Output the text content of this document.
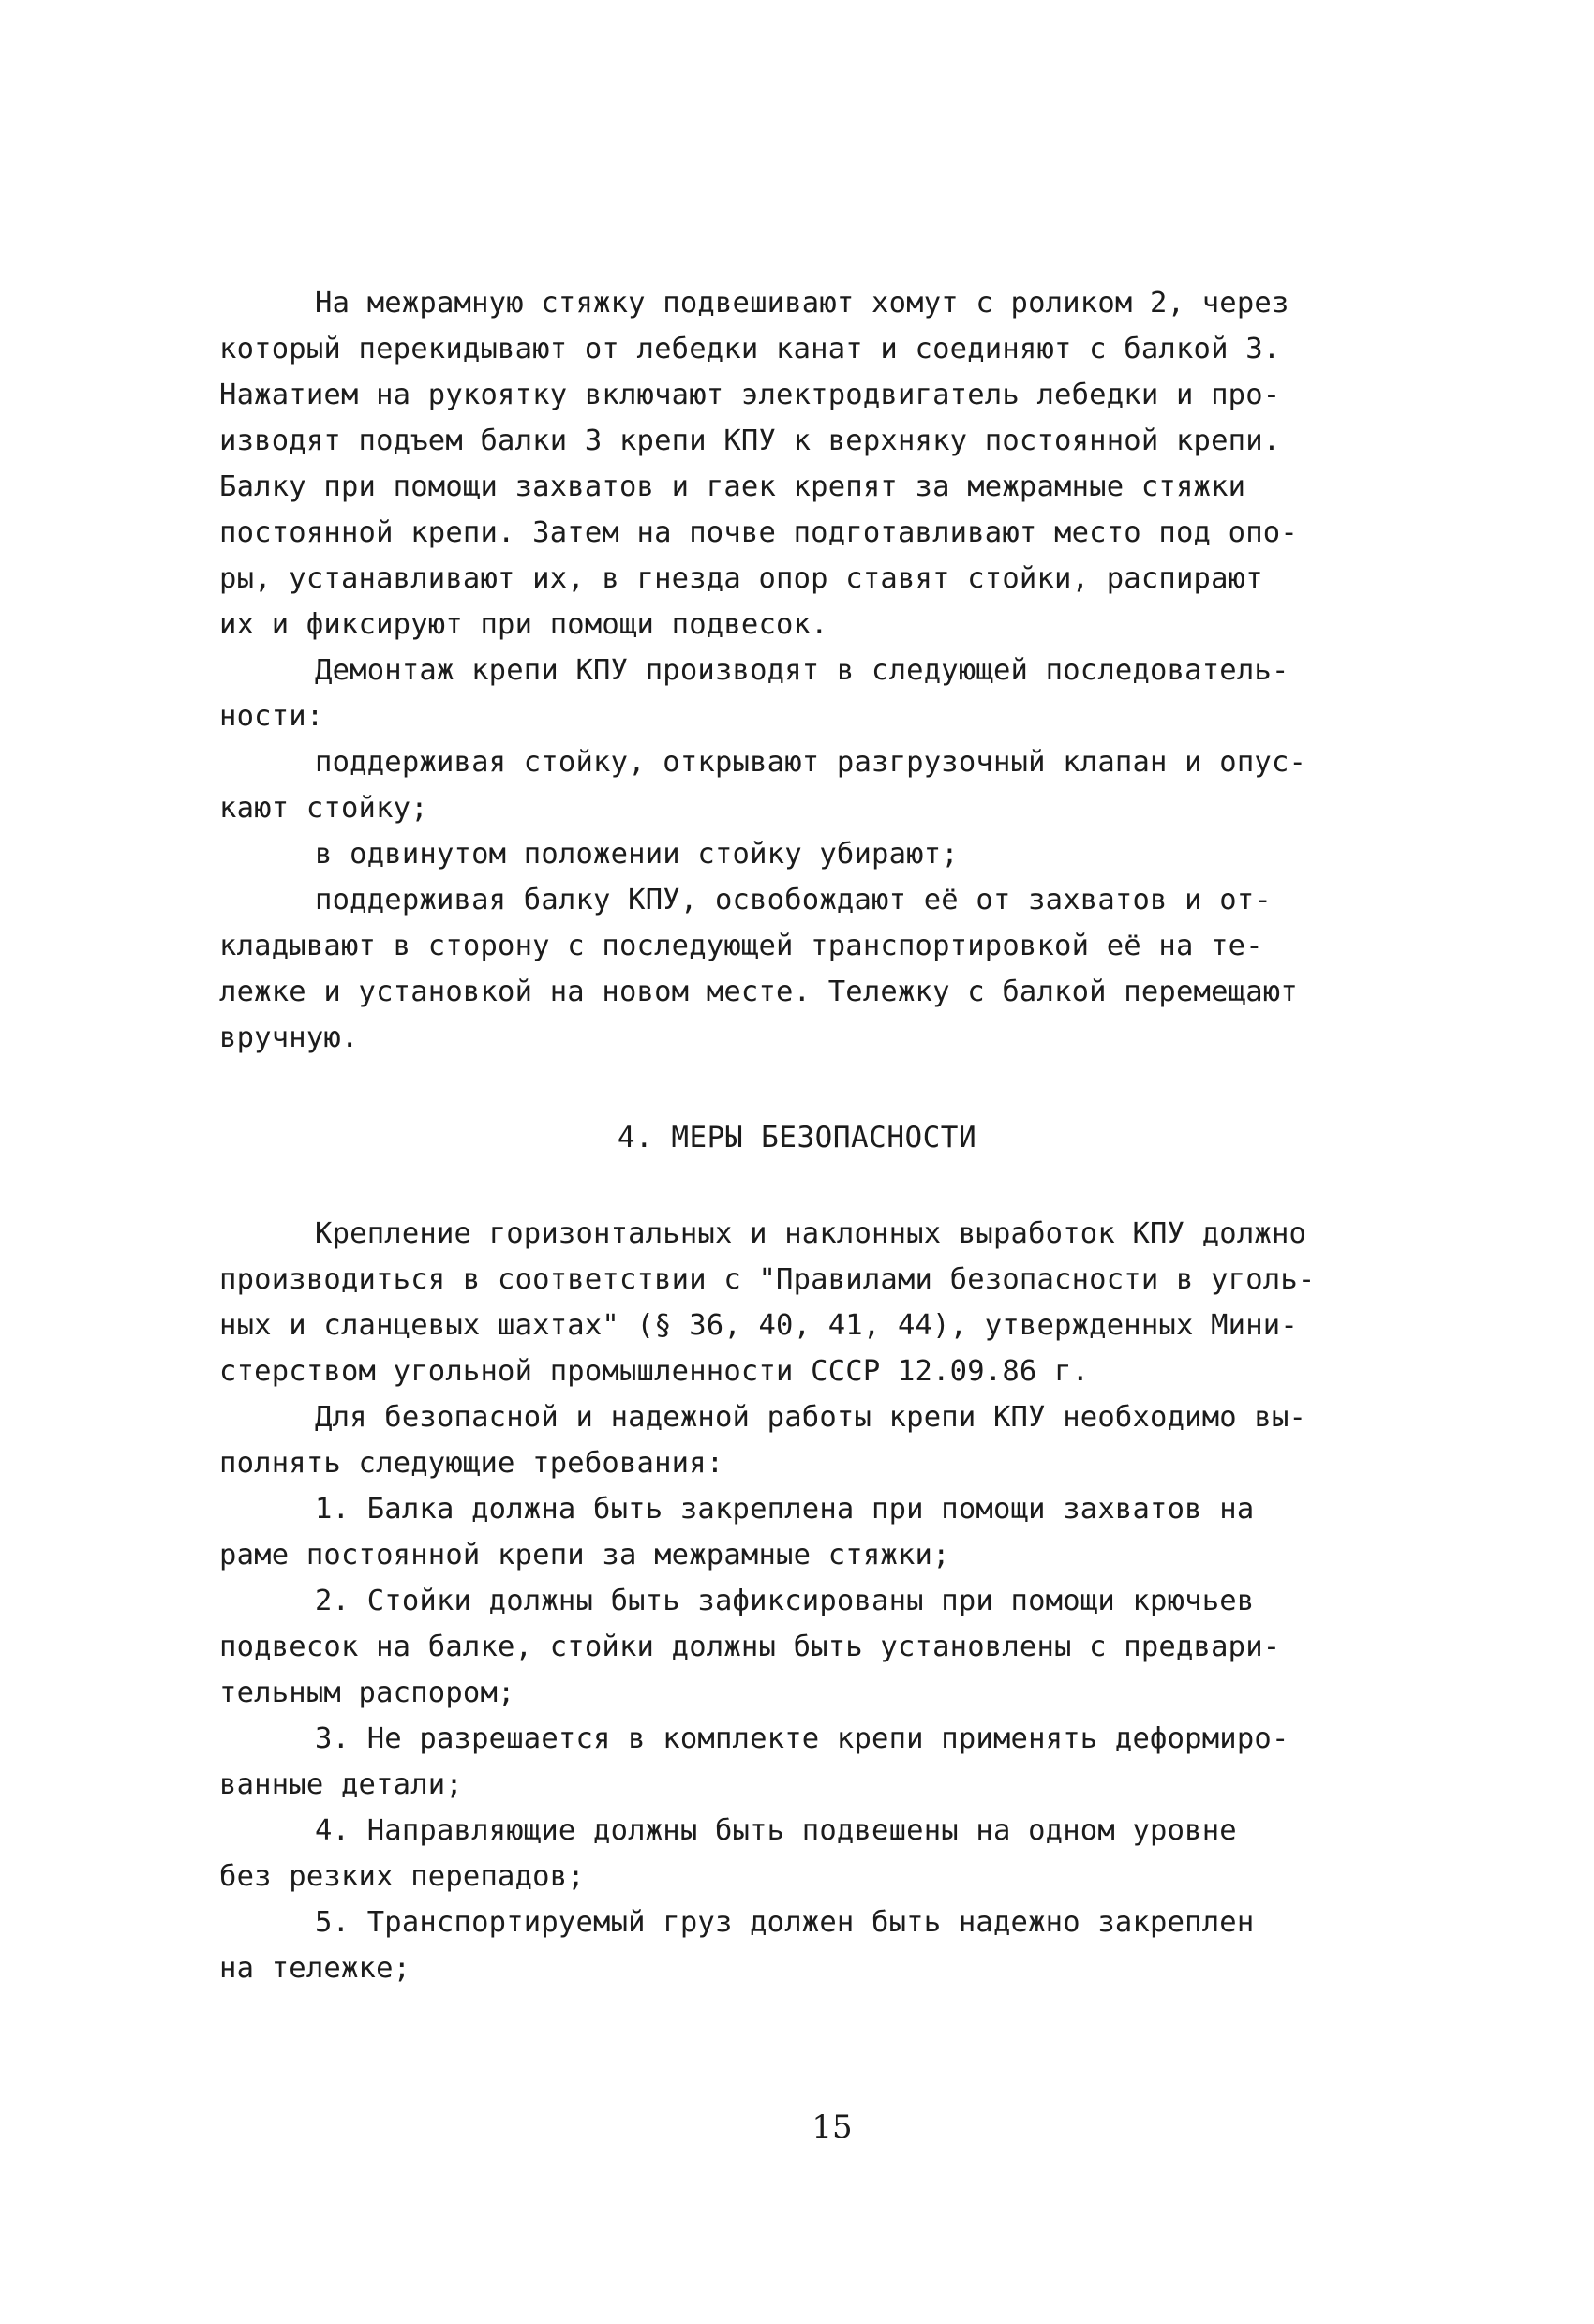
На межрамную стяжку подвешивают хомут с роликом 2, через
который перекидывают от лебедки канат и соединяют с балкой 3.
Нажатием на рукоятку включают электродвигатель лебедки и про-
изводят подъем балки 3 крепи КПУ к верхняку постоянной крепи.
Балку при помощи захватов и гаек крепят за межрамные стяжки
постоянной крепи. Затем на почве подготавливают место под опо-
ры, устанавливают их, в гнезда опор ставят стойки, распирают
их и фиксируют при помощи подвесок.
Демонтаж крепи КПУ производят в следующей последователь-
ности:
поддерживая стойку, открывают разгрузочный клапан и опус-
кают стойку;
в одвинутом положении стойку убирают;
поддерживая балку КПУ, освобождают её от захватов и от-
кладывают в сторону с последующей транспортировкой её на те-
лежке и установкой на новом месте. Тележку с балкой перемещают
вручную.
4. МЕРЫ БЕЗОПАСНОСТИ
Крепление горизонтальных и наклонных выработок КПУ должно
производиться в соответствии с "Правилами безопасности в уголь-
ных и сланцевых шахтах" (§ 36, 40, 41, 44), утвержденных Мини-
стерством угольной промышленности СССР 12.09.86 г.
Для безопасной и надежной работы крепи КПУ необходимо вы-
полнять следующие требования:
1. Балка должна быть закреплена при помощи захватов на
раме постоянной крепи за межрамные стяжки;
2. Стойки должны быть зафиксированы при помощи крючьев
подвесок на балке, стойки должны быть установлены с предвари-
тельным распором;
3. Не разрешается в комплекте крепи применять деформиро-
ванные детали;
4. Направляющие должны быть подвешены на одном уровне
без резких перепадов;
5. Транспортируемый груз должен быть надежно закреплен
на тележке;
15
